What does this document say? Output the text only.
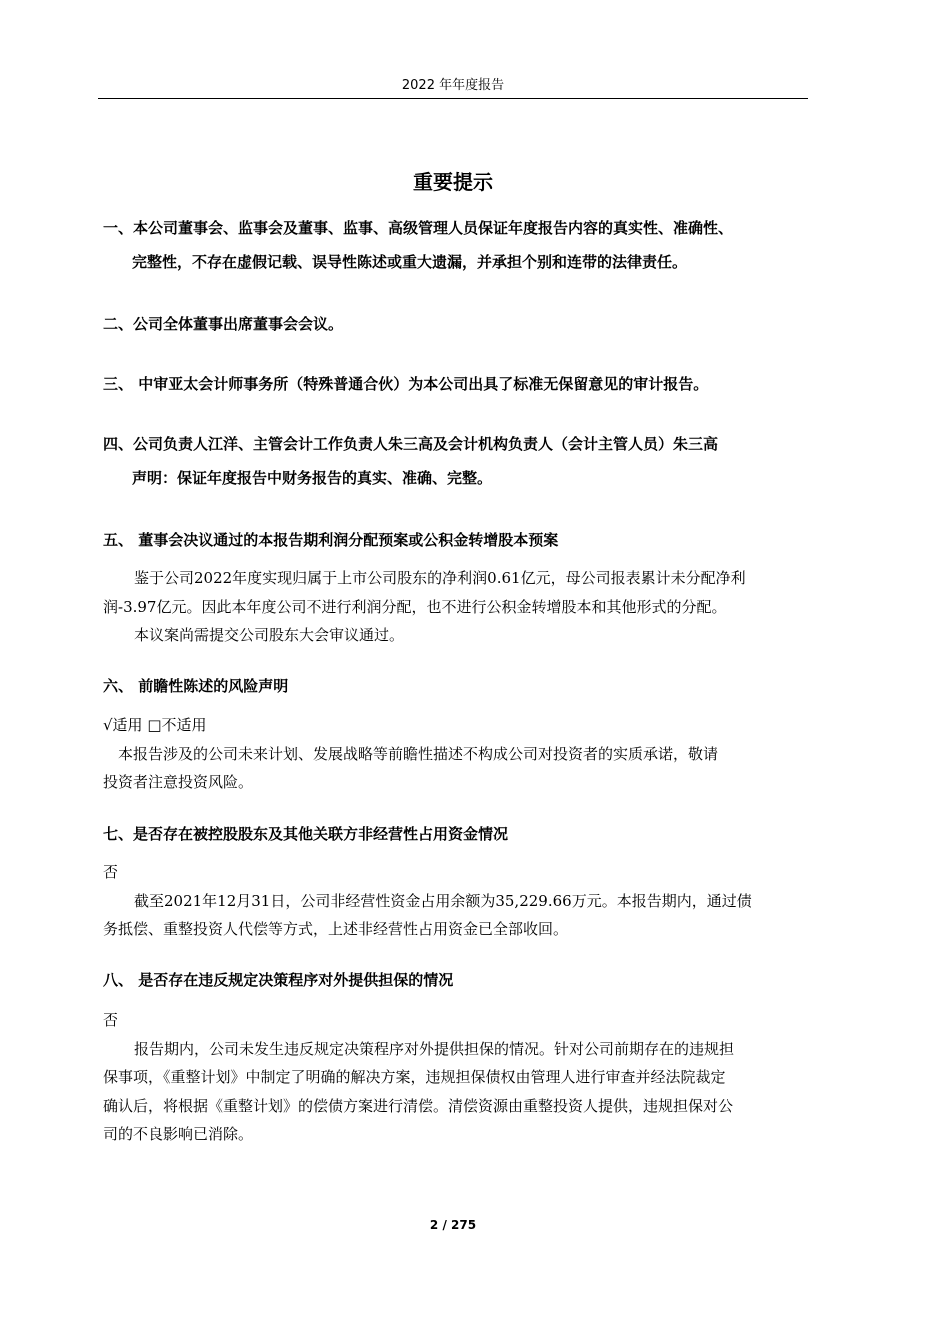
2022 年年度报告
重要提示
一、本公司董事会、监事会及董事、监事、高级管理人员保证年度报告内容的真实性、准确性、
完整性，不存在虚假记载、误导性陈述或重大遗漏，并承担个别和连带的法律责任。
二、公司全体董事出席董事会会议。
三、 中审亚太会计师事务所（特殊普通合伙）为本公司出具了标准无保留意见的审计报告。
四、公司负责人江洋、主管会计工作负责人朱三高及会计机构负责人（会计主管人员）朱三高
声明：保证年度报告中财务报告的真实、准确、完整。
五、 董事会决议通过的本报告期利润分配预案或公积金转增股本预案
鉴于公司2022年度实现归属于上市公司股东的净利润0.61亿元，母公司报表累计未分配净利
润-3.97亿元。因此本年度公司不进行利润分配，也不进行公积金转增股本和其他形式的分配。
本议案尚需提交公司股东大会审议通过。
六、 前瞻性陈述的风险声明
√适用 □不适用
本报告涉及的公司未来计划、发展战略等前瞻性描述不构成公司对投资者的实质承诺，敬请
投资者注意投资风险。
七、是否存在被控股股东及其他关联方非经营性占用资金情况
否
截至2021年12月31日，公司非经营性资金占用余额为35,229.66万元。本报告期内，通过债
务抵偿、重整投资人代偿等方式，上述非经营性占用资金已全部收回。
八、 是否存在违反规定决策程序对外提供担保的情况
否
报告期内，公司未发生违反规定决策程序对外提供担保的情况。针对公司前期存在的违规担
保事项，《重整计划》中制定了明确的解决方案，违规担保债权由管理人进行审查并经法院裁定
确认后，将根据《重整计划》的偿债方案进行清偿。清偿资源由重整投资人提供，违规担保对公
司的不良影响已消除。
2 / 275
